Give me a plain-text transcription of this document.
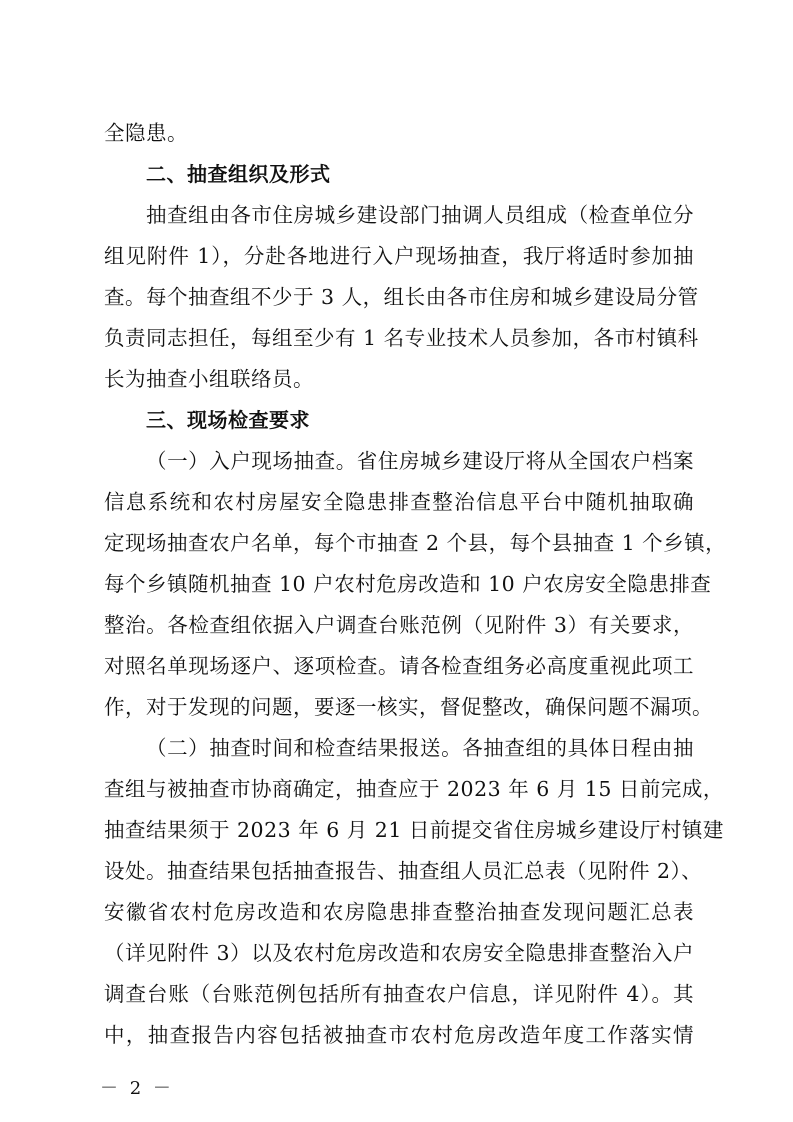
全隐患。
二、抽查组织及形式
抽查组由各市住房城乡建设部门抽调人员组成（检查单位分
组见附件 1），分赴各地进行入户现场抽查，我厅将适时参加抽
查。每个抽查组不少于 3 人，组长由各市住房和城乡建设局分管
负责同志担任，每组至少有 1 名专业技术人员参加，各市村镇科
长为抽查小组联络员。
三、现场检查要求
（一）入户现场抽查。省住房城乡建设厅将从全国农户档案
信息系统和农村房屋安全隐患排查整治信息平台中随机抽取确
定现场抽查农户名单，每个市抽查 2 个县，每个县抽查 1 个乡镇，
每个乡镇随机抽查 10 户农村危房改造和 10 户农房安全隐患排查
整治。各检查组依据入户调查台账范例（见附件 3）有关要求，
对照名单现场逐户、逐项检查。请各检查组务必高度重视此项工
作，对于发现的问题，要逐一核实，督促整改，确保问题不漏项。
（二）抽查时间和检查结果报送。各抽查组的具体日程由抽
查组与被抽查市协商确定，抽查应于 2023 年 6 月 15 日前完成，
抽查结果须于 2023 年 6 月 21 日前提交省住房城乡建设厅村镇建
设处。抽查结果包括抽查报告、抽查组人员汇总表（见附件 2）、
安徽省农村危房改造和农房隐患排查整治抽查发现问题汇总表
（详见附件 3）以及农村危房改造和农房安全隐患排查整治入户
调查台账（台账范例包括所有抽查农户信息，详见附件 4）。其
中，抽查报告内容包括被抽查市农村危房改造年度工作落实情
－ 2 －
